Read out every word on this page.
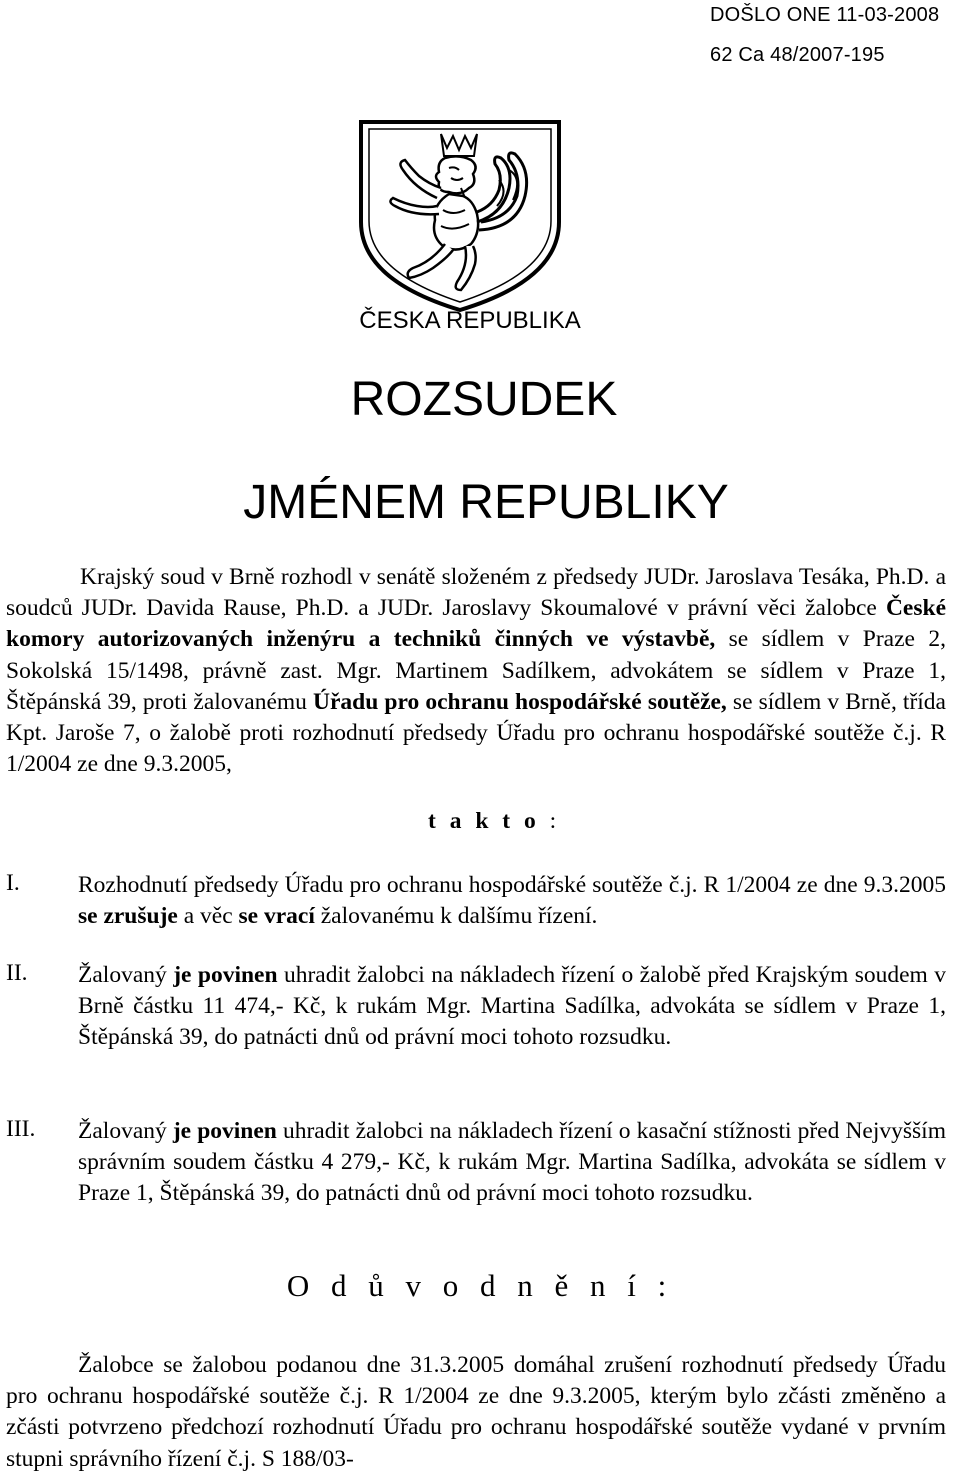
DOŠLO ONE 11-03-2008
62 Ca 48/2007-195
ČESKA REPUBLIKA
ROZSUDEK
JMÉNEM REPUBLIKY

Krajský soud v Brně rozhodl v senátě složeném z předsedy JUDr. Jaroslava Tesáka, Ph.D. a soudců JUDr. Davida Rause, Ph.D. a JUDr. Jaroslavy Skoumalové v právní věci žalobce České komory autorizovaných inženýru a techniků činných ve výstavbě, se sídlem v Praze 2, Sokolská 15/1498, právně zast. Mgr. Martinem Sadílkem, advokátem se sídlem v Praze 1, Štěpánská 39, proti žalovanému Úřadu pro ochranu hospodářské soutěže, se sídlem v Brně, třída Kpt. Jaroše 7, o žalobě proti rozhodnutí předsedy Úřadu pro ochranu hospodářské soutěže č.j. R 1/2004 ze dne 9.3.2005,

t a k t o :
I. Rozhodnutí předsedy Úřadu pro ochranu hospodářské soutěže č.j. R 1/2004 ze dne 9.3.2005 se zrušuje a věc se vrací žalovanému k dalšímu řízení.
II. Žalovaný je povinen uhradit žalobci na nákladech řízení o žalobě před Krajským soudem v Brně částku 11 474,- Kč, k rukám Mgr. Martina Sadílka, advokáta se sídlem v Praze 1, Štěpánská 39, do patnácti dnů od právní moci tohoto rozsudku.
III. Žalovaný je povinen uhradit žalobci na nákladech řízení o kasační stížnosti před Nejvyšším správním soudem částku 4 279,- Kč, k rukám Mgr. Martina Sadílka, advokáta se sídlem v Praze 1, Štěpánská 39, do patnácti dnů od právní moci tohoto rozsudku.
O d ů v o d n ě n í :

Žalobce se žalobou podanou dne 31.3.2005 domáhal zrušení rozhodnutí předsedy Úřadu pro ochranu hospodářské soutěže č.j. R 1/2004 ze dne 9.3.2005, kterým bylo zčásti změněno a zčásti potvrzeno předchozí rozhodnutí Úřadu pro ochranu hospodářské soutěže vydané v prvním stupni správního řízení č.j. S 188/03-
